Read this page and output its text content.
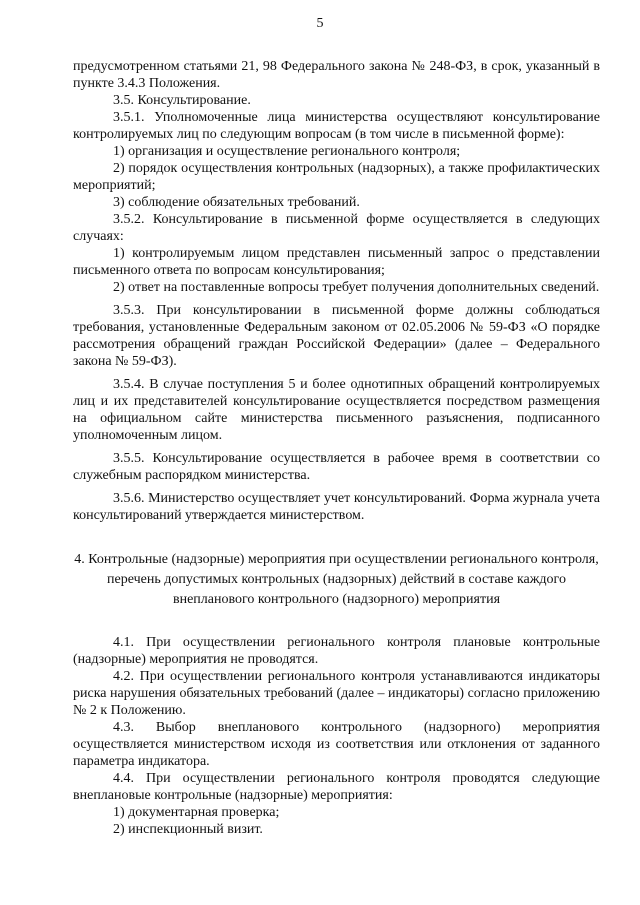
5

предусмотренном статьями 21, 98 Федерального закона № 248-ФЗ, в срок, указанный в пункте 3.4.3 Положения.

3.5. Консультирование.

3.5.1. Уполномоченные лица министерства осуществляют консультирование контролируемых лиц по следующим вопросам (в том числе в письменной форме):

1) организация и осуществление регионального контроля;

2) порядок осуществления контрольных (надзорных), а также профилактических мероприятий;

3) соблюдение обязательных требований.

3.5.2. Консультирование в письменной форме осуществляется в следующих случаях:

1) контролируемым лицом представлен письменный запрос о представлении письменного ответа по вопросам консультирования;

2) ответ на поставленные вопросы требует получения дополнительных сведений.

3.5.3. При консультировании в письменной форме должны соблюдаться требования, установленные Федеральным законом от 02.05.2006 № 59-ФЗ «О порядке рассмотрения обращений граждан Российской Федерации» (далее – Федерального закона № 59-ФЗ).

3.5.4. В случае поступления 5 и более однотипных обращений контролируемых лиц и их представителей консультирование осуществляется посредством размещения на официальном сайте министерства письменного разъяснения, подписанного уполномоченным лицом.

3.5.5. Консультирование осуществляется в рабочее время в соответствии со служебным распорядком министерства.

3.5.6. Министерство осуществляет учет консультирований. Форма журнала учета консультирований утверждается министерством.

4. Контрольные (надзорные) мероприятия при осуществлении регионального контроля, перечень допустимых контрольных (надзорных) действий в составе каждого внепланового контрольного (надзорного) мероприятия

4.1. При осуществлении регионального контроля плановые контрольные (надзорные) мероприятия не проводятся.

4.2. При осуществлении регионального контроля устанавливаются индикаторы риска нарушения обязательных требований (далее – индикаторы) согласно приложению № 2 к Положению.

4.3. Выбор внепланового контрольного (надзорного) мероприятия осуществляется министерством исходя из соответствия или отклонения от заданного параметра индикатора.

4.4. При осуществлении регионального контроля проводятся следующие внеплановые контрольные (надзорные) мероприятия:

1) документарная проверка;

2) инспекционный визит.
